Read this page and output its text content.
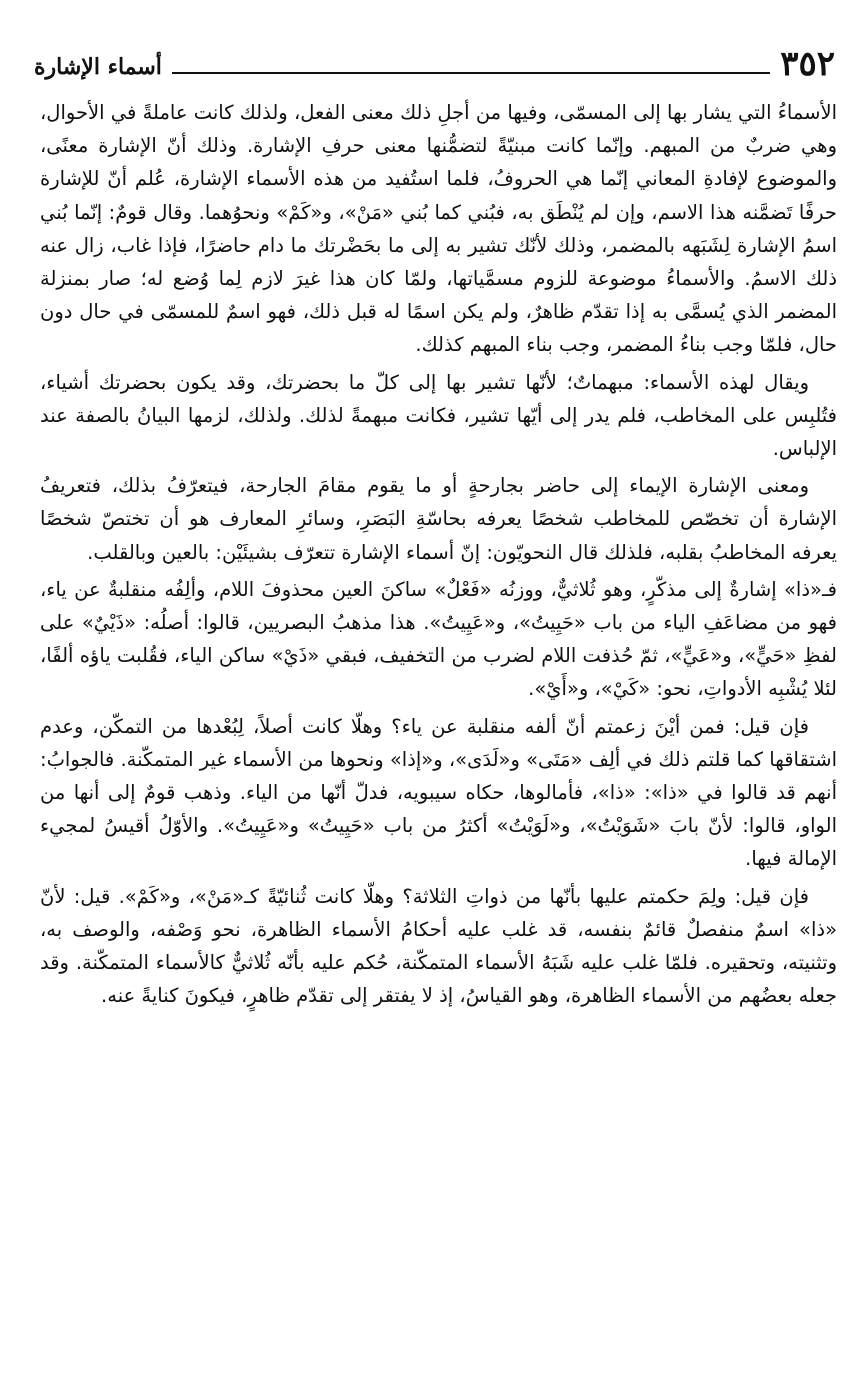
٣٥٢
أسماء الإشارة

الأسماءُ التي يشار بها إلى المسمّى، وفيها من أجلِ ذلك معنى الفعل، ولذلك كانت عاملةً في الأحوال، وهي ضربٌ من المبهم. وإنّما كانت مبنيّةً لتضمُّنها معنى حرفِ الإشارة. وذلك أنّ الإشارة معنًى، والموضوع لإفادةِ المعاني إنّما هي الحروفُ، فلما استُفيد من هذه الأسماء الإشارة، عُلم أنّ للإشارة حرفًا تَضمَّنه هذا الاسم، وإن لم يُنْطَق به، فبُني كما بُني «مَنْ»، و«كَمْ» ونحوُهما. وقال قومٌ: إنّما بُني اسمُ الإشارة لِشَبَهه بالمضمر، وذلك لأنّك تشير به إلى ما بحَضْرتك ما دام حاضرًا، فإذا غاب، زال عنه ذلك الاسمُ. والأسماءُ موضوعة للزوم مسمَّياتها، ولمّا كان هذا غيرَ لازم لِما وُضع له؛ صار بمنزلة المضمر الذي يُسمَّى به إذا تقدّم ظاهرٌ، ولم يكن اسمًا له قبل ذلك، فهو اسمٌ للمسمّى في حال دون حال، فلمّا وجب بناءُ المضمر، وجب بناء المبهم كذلك.

ويقال لهذه الأسماء: مبهماتٌ؛ لأنّها تشير بها إلى كلّ ما بحضرتك، وقد يكون بحضرتك أشياء، فتُلبِس على المخاطب، فلم يدر إلى أيّها تشير، فكانت مبهمةً لذلك. ولذلك، لزمها البيانُ بالصفة عند الإلباس.

ومعنى الإشارة الإيماء إلى حاضر بجارحةٍ أو ما يقوم مقامَ الجارحة، فيتعرّفُ بذلك، فتعريفُ الإشارة أن تخصّص للمخاطب شخصًا يعرفه بحاسّةِ البَصَرِ، وسائرِ المعارف هو أن تختصّ شخصًا يعرفه المخاطبُ بقلبه، فلذلك قال النحويّون: إنّ أسماء الإشارة تتعرّف بشيئَيْن: بالعين وبالقلب.

فـ«ذا» إشارةٌ إلى مذكّرٍ، وهو ثُلاثيٌّ، ووزنُه «فَعْلٌ» ساكنَ العين محذوفَ اللام، وألِفُه منقلبةٌ عن ياء، فهو من مضاعَفِ الياء من باب «حَيِيتُ»، و«عَيِيتُ». هذا مذهبُ البصريين، قالوا: أصلُه: «ذَيْيٌ» على لفظِ «حَيٍّ»، و«عَيٍّ»، ثمّ حُذفت اللام لضرب من التخفيف، فبقي «ذَيْ» ساكن الياء، فقُلبت ياؤه ألفًا، لئلا يُشْبِه الأدواتِ، نحو: «كَيْ»، و«أَيْ».

فإن قيل: فمن أيْنَ زعمتم أنّ ألفه منقلبة عن ياء؟ وهلّا كانت أصلاً، لِبُعْدها من التمكّن، وعدم اشتقاقها كما قلتم ذلك في ألِف «مَتَى» و«لَدَى»، و«إذا» ونحوها من الأسماء غير المتمكّنة. فالجوابُ: أنهم قد قالوا في «ذا»: «ذا»، فأمالوها، حكاه سيبويه، فدلّ أنّها من الياء. وذهب قومٌ إلى أنها من الواو، قالوا: لأنّ بابَ «شَوَيْتُ»، و«لَوَيْتُ» أكثرُ من باب «حَيِيتُ» و«عَيِيتُ». والأوّلُ أقيسُ لمجيء الإمالة فيها.

فإن قيل: ولِمَ حكمتم عليها بأنّها من ذواتِ الثلاثة؟ وهلّا كانت ثُنائيّةً كـ«مَنْ»، و«كَمْ». قيل: لأنّ «ذا» اسمٌ منفصلٌ قائمٌ بنفسه، قد غلب عليه أحكامُ الأسماء الظاهرة، نحو وَصْفه، والوصف به، وتثنيته، وتحقيره. فلمّا غلب عليه شَبَهُ الأسماء المتمكّنة، حُكم عليه بأنّه ثُلاثيٌّ كالأسماء المتمكّنة. وقد جعله بعضُهم من الأسماء الظاهرة، وهو القياسُ، إذ لا يفتقر إلى تقدّم ظاهرٍ، فيكونَ كنايةً عنه.
